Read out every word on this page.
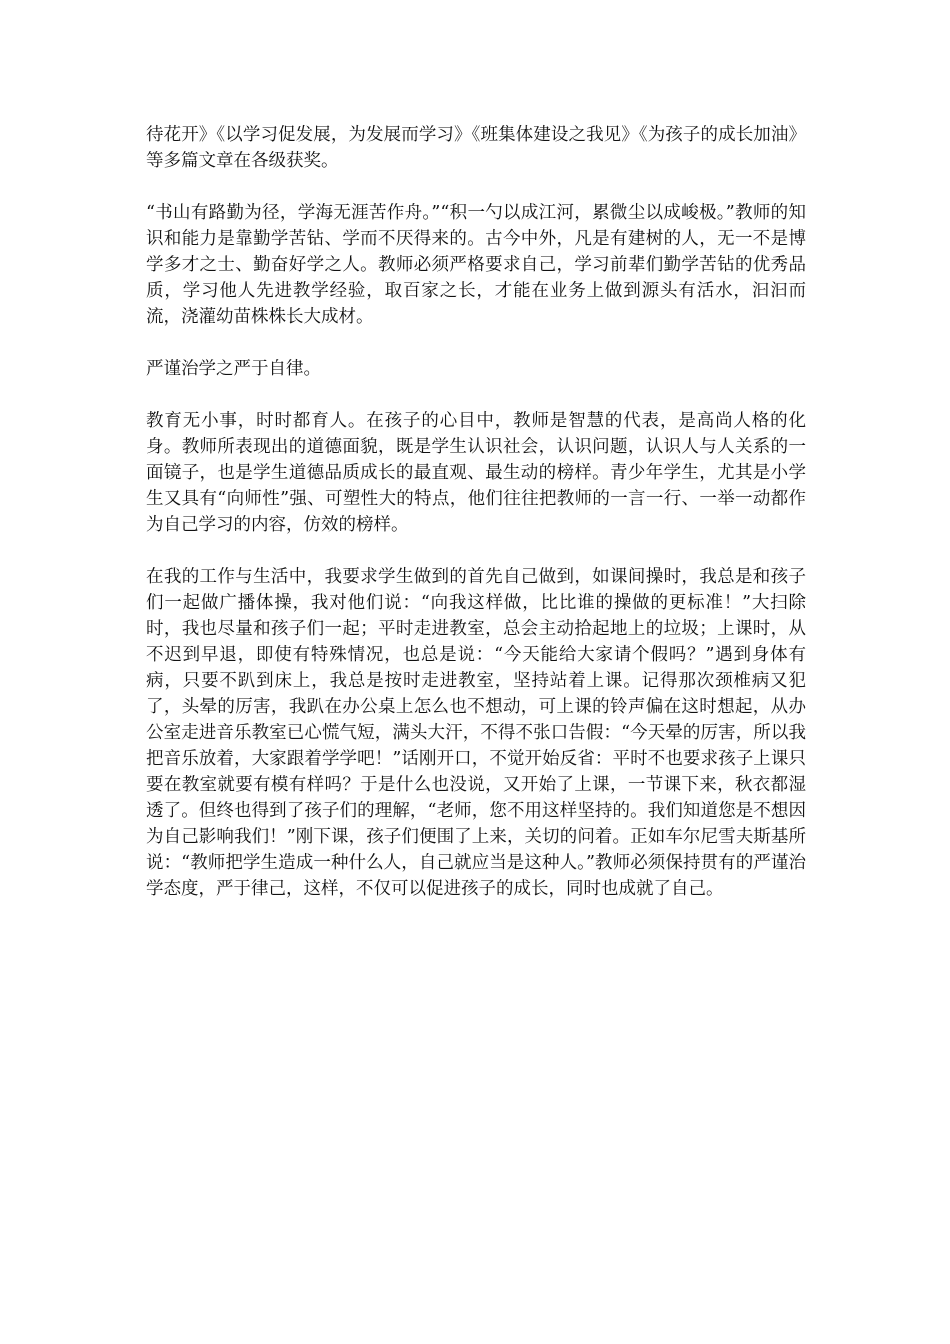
待花开》《以学习促发展，为发展而学习》《班集体建设之我见》《为孩子的成长加油》等多篇文章在各级获奖。

“书山有路勤为径，学海无涯苦作舟。”“积一勺以成江河，累微尘以成峻极。”教师的知识和能力是靠勤学苦钻、学而不厌得来的。古今中外，凡是有建树的人，无一不是博学多才之士、勤奋好学之人。教师必须严格要求自己，学习前辈们勤学苦钻的优秀品质，学习他人先进教学经验，取百家之长，才能在业务上做到源头有活水，汩汩而流，浇灌幼苗株株长大成材。

严谨治学之严于自律。

教育无小事，时时都育人。在孩子的心目中，教师是智慧的代表，是高尚人格的化身。教师所表现出的道德面貌，既是学生认识社会，认识问题，认识人与人关系的一面镜子，也是学生道德品质成长的最直观、最生动的榜样。青少年学生，尤其是小学生又具有“向师性”强、可塑性大的特点，他们往往把教师的一言一行、一举一动都作为自己学习的内容，仿效的榜样。

在我的工作与生活中，我要求学生做到的首先自己做到，如课间操时，我总是和孩子们一起做广播体操，我对他们说：“向我这样做，比比谁的操做的更标准！”大扫除时，我也尽量和孩子们一起；平时走进教室，总会主动拾起地上的垃圾；上课时，从不迟到早退，即使有特殊情况，也总是说：“今天能给大家请个假吗？”遇到身体有病，只要不趴到床上，我总是按时走进教室，坚持站着上课。记得那次颈椎病又犯了，头晕的厉害，我趴在办公桌上怎么也不想动，可上课的铃声偏在这时想起，从办公室走进音乐教室已心慌气短，满头大汗，不得不张口告假：“今天晕的厉害，所以我把音乐放着，大家跟着学学吧！”话刚开口，不觉开始反省：平时不也要求孩子上课只要在教室就要有模有样吗？于是什么也没说，又开始了上课，一节课下来，秋衣都湿透了。但终也得到了孩子们的理解，“老师，您不用这样坚持的。我们知道您是不想因为自己影响我们！”刚下课，孩子们便围了上来，关切的问着。正如车尔尼雪夫斯基所说：“教师把学生造成一种什么人，自己就应当是这种人。”教师必须保持贯有的严谨治学态度，严于律己，这样，不仅可以促进孩子的成长，同时也成就了自己。
